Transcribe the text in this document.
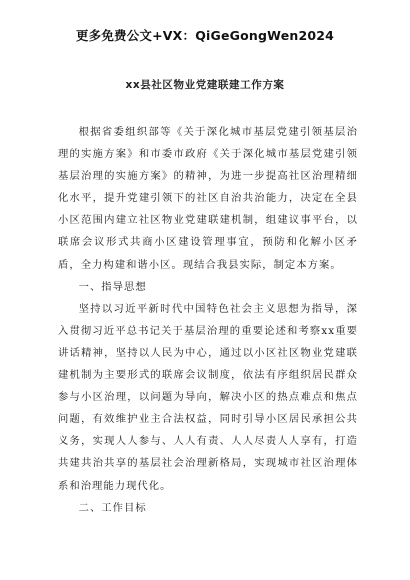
更多免费公文+VX：QiGeGongWen2024
xx县社区物业党建联建工作方案

根据省委组织部等《关于深化城市基层党建引领基层治理的实施方案》和市委市政府《关于深化城市基层党建引领基层治理的实施方案》的精神，为进一步提高社区治理精细化水平，提升党建引领下的社区自治共治能力，决定在全县小区范围内建立社区物业党建联建机制，组建议事平台，以联席会议形式共商小区建设管理事宜，预防和化解小区矛盾，全力构建和谐小区。现结合我县实际，制定本方案。

一、指导思想

坚持以习近平新时代中国特色社会主义思想为指导，深入贯彻习近平总书记关于基层治理的重要论述和考察xx重要讲话精神，坚持以人民为中心，通过以小区社区物业党建联建机制为主要形式的联席会议制度，依法有序组织居民群众参与小区治理，以问题为导向，解决小区的热点难点和焦点问题，有效维护业主合法权益，同时引导小区居民承担公共义务，实现人人参与、人人有责、人人尽责人人享有，打造共建共治共享的基层社会治理新格局，实现城市社区治理体系和治理能力现代化。

二、工作目标
